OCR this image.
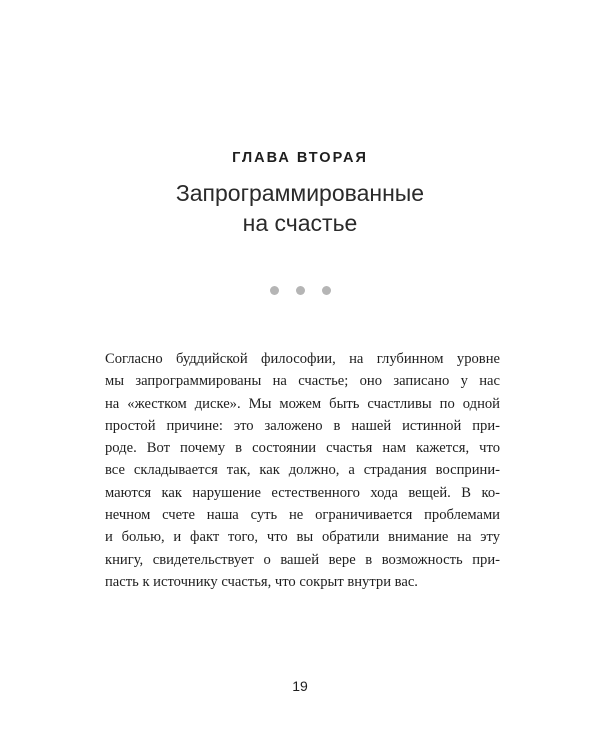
ГЛАВА ВТОРАЯ
Запрограммированные
на счастье
Согласно буддийской философии, на глубинном уровне
мы запрограммированы на счастье; оно записано у нас
на «жестком диске». Мы можем быть счастливы по одной
простой причине: это заложено в нашей истинной при-
роде. Вот почему в состоянии счастья нам кажется, что
все складывается так, как должно, а страдания восприни-
маются как нарушение естественного хода вещей. В ко-
нечном счете наша суть не ограничивается проблемами
и болью, и факт того, что вы обратили внимание на эту
книгу, свидетельствует о вашей вере в возможность при-
пасть к источнику счастья, что сокрыт внутри вас.
19
